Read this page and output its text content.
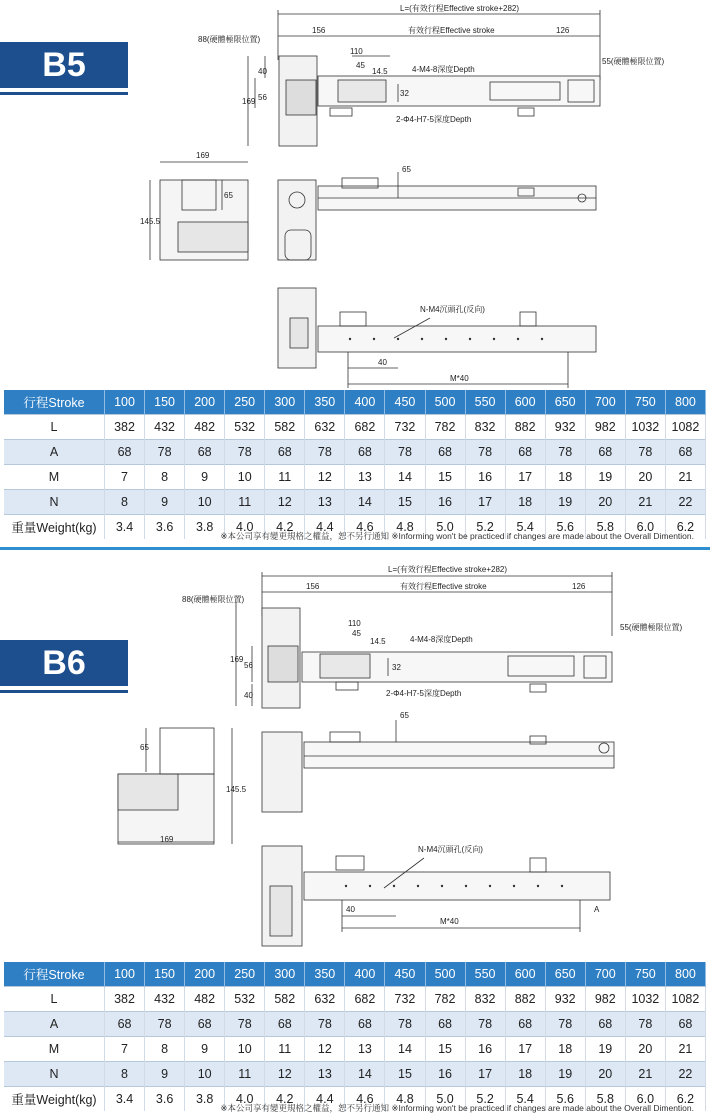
B5
L=(有效行程Effective stroke+282)
156	有效行程Effective stroke	126
88(硬體極限位置)
110
45
14.5	4-M4-8深度Depth
55(硬體極限位置)
40
56
169
32
2-Φ4-H7-5深度Depth
169
145.5
65
65
N-M4沉頭孔(反向)
40
M*40
行程Stroke	100	150	200	250	300	350	400	450	500	550	600	650	700	750	800
L	382	432	482	532	582	632	682	732	782	832	882	932	982	1032	1082
A	68	78	68	78	68	78	68	78	68	78	68	78	68	78	68
M	7	8	9	10	11	12	13	14	15	16	17	18	19	20	21
N	8	9	10	11	12	13	14	15	16	17	18	19	20	21	22
重量Weight(kg)	3.4	3.6	3.8	4.0	4.2	4.4	4.6	4.8	5.0	5.2	5.4	5.6	5.8	6.0	6.2
※本公司享有變更規格之權益，恕不另行通知 ※Informing won't be practiced if changes are made about the Overall Dimention.
B6
L=(有效行程Effective stroke+282)
156	有效行程Effective stroke	126
88(硬體極限位置)
110
45
14.5	4-M4-8深度Depth
55(硬體極限位置)
169
56
40
32
2-Φ4-H7-5深度Depth
65
145.5
169
65
N-M4沉頭孔(反向)
40
M*40
A
行程Stroke	100	150	200	250	300	350	400	450	500	550	600	650	700	750	800
L	382	432	482	532	582	632	682	732	782	832	882	932	982	1032	1082
A	68	78	68	78	68	78	68	78	68	78	68	78	68	78	68
M	7	8	9	10	11	12	13	14	15	16	17	18	19	20	21
N	8	9	10	11	12	13	14	15	16	17	18	19	20	21	22
重量Weight(kg)	3.4	3.6	3.8	4.0	4.2	4.4	4.6	4.8	5.0	5.2	5.4	5.6	5.8	6.0	6.2
※本公司享有變更規格之權益，恕不另行通知 ※Informing won't be practiced if changes are made about the Overall Dimention.
